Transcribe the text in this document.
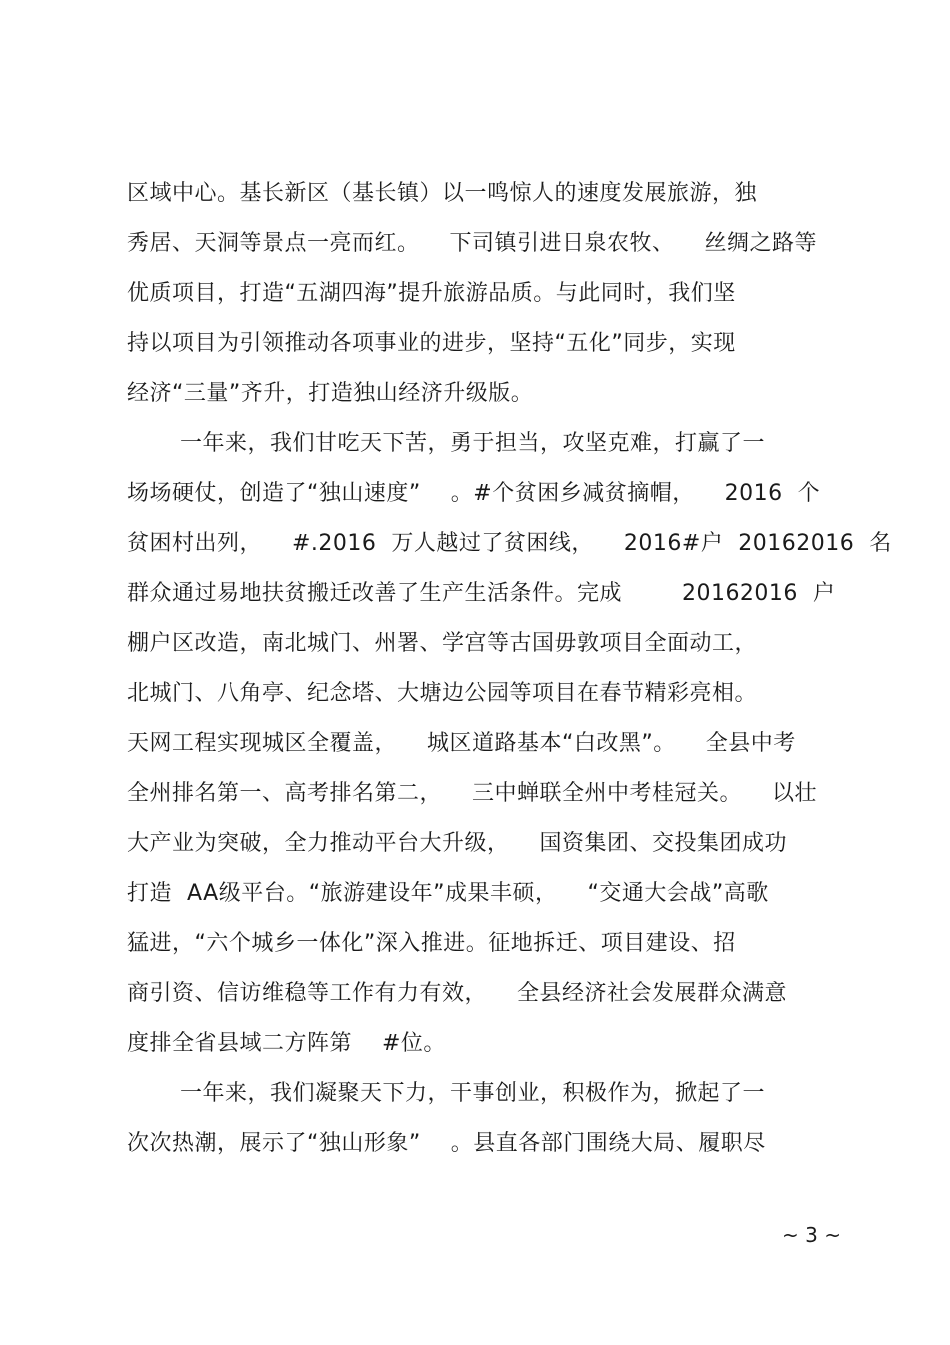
区域中心。基长新区（基长镇）以一鸣惊人的速度发展旅游，独
秀居、天洞等景点一亮而红。    下司镇引进日泉农牧、    丝绸之路等
优质项目，打造“五湖四海”提升旅游品质。与此同时，我们坚
持以项目为引领推动各项事业的进步，坚持“五化”同步，实现
经济“三量”齐升，打造独山经济升级版。
一年来，我们甘吃天下苦，勇于担当，攻坚克难，打赢了一
场场硬仗，创造了“独山速度”    。#个贫困乡减贫摘帽，    2016  个
贫困村出列，    #.2016  万人越过了贫困线，    2016#户  20162016  名
群众通过易地扶贫搬迁改善了生产生活条件。完成        20162016  户
棚户区改造，南北城门、州署、学宫等古国毋敦项目全面动工，
北城门、八角亭、纪念塔、大塘边公园等项目在春节精彩亮相。
天网工程实现城区全覆盖，    城区道路基本“白改黑”。    全县中考
全州排名第一、高考排名第二，    三中蝉联全州中考桂冠关。    以壮
大产业为突破，全力推动平台大升级，    国资集团、交投集团成功
打造  AA级平台。“旅游建设年”成果丰硕，    “交通大会战”高歌
猛进，“六个城乡一体化”深入推进。征地拆迁、项目建设、招
商引资、信访维稳等工作有力有效，    全县经济社会发展群众满意
度排全省县域二方阵第    #位。
一年来，我们凝聚天下力，干事创业，积极作为，掀起了一
次次热潮，展示了“独山形象”    。县直各部门围绕大局、履职尽
~ 3 ~
